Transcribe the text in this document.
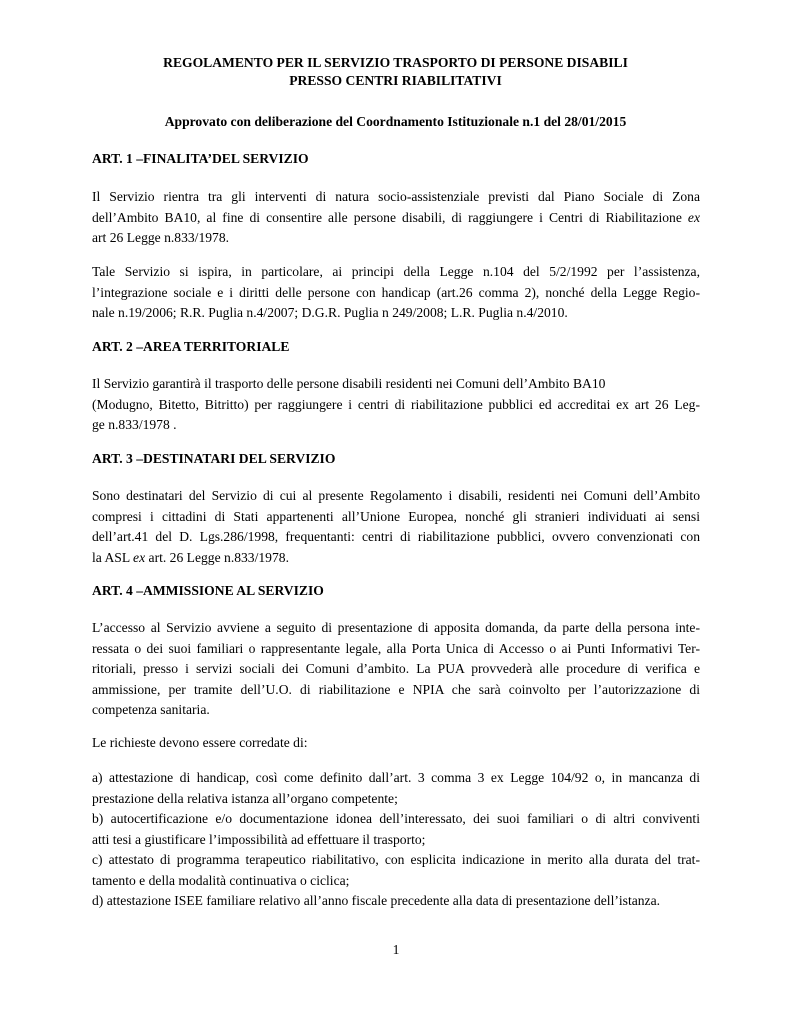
REGOLAMENTO PER IL SERVIZIO TRASPORTO DI PERSONE DISABILI
PRESSO CENTRI RIABILITATIVI
Approvato con deliberazione del Coordnamento Istituzionale n.1 del 28/01/2015
ART. 1 –FINALITA’DEL SERVIZIO
Il Servizio rientra tra gli interventi di natura socio-assistenziale previsti dal Piano Sociale di Zona
dell’Ambito BA10, al fine di consentire alle persone disabili, di raggiungere i Centri di Riabilitazione ex
art 26 Legge n.833/1978.
Tale Servizio si ispira, in particolare, ai principi della Legge n.104 del 5/2/1992 per l’assistenza,
l’integrazione sociale e i diritti delle persone con handicap (art.26 comma 2), nonché della Legge Regio-
nale n.19/2006; R.R. Puglia n.4/2007; D.G.R. Puglia n 249/2008; L.R. Puglia n.4/2010.
ART. 2 –AREA TERRITORIALE
Il Servizio garantirà il trasporto delle persone disabili residenti nei Comuni dell’Ambito BA10
(Modugno, Bitetto, Bitritto) per raggiungere i centri di riabilitazione pubblici ed accreditai ex art 26 Leg-
ge n.833/1978 .
ART. 3 –DESTINATARI DEL SERVIZIO
Sono destinatari del Servizio di cui al presente Regolamento i disabili, residenti nei Comuni dell’Ambito
compresi i cittadini di Stati appartenenti all’Unione Europea, nonché gli stranieri individuati ai sensi
dell’art.41 del D. Lgs.286/1998, frequentanti: centri di riabilitazione pubblici, ovvero convenzionati con
la ASL ex art. 26 Legge n.833/1978.
ART. 4 –AMMISSIONE AL SERVIZIO
L’accesso al Servizio avviene a seguito di presentazione di apposita domanda, da parte della persona inte-
ressata o dei suoi familiari o rappresentante legale, alla Porta Unica di Accesso o ai Punti Informativi Ter-
ritoriali, presso i servizi sociali dei Comuni d’ambito. La PUA provvederà alle procedure di verifica e
ammissione, per tramite dell’U.O. di riabilitazione e NPIA che sarà coinvolto per l’autorizzazione di
competenza sanitaria.
Le richieste devono essere corredate di:
a) attestazione di handicap, così come definito dall’art. 3 comma 3 ex Legge 104/92 o, in mancanza di
prestazione della relativa istanza all’organo competente;
b) autocertificazione e/o documentazione idonea dell’interessato, dei suoi familiari o di altri conviventi
atti tesi a giustificare l’impossibilità ad effettuare il trasporto;
c) attestato di programma terapeutico riabilitativo, con esplicita indicazione in merito alla durata del trat-
tamento e della modalità continuativa o ciclica;
d) attestazione ISEE familiare relativo all’anno fiscale precedente alla data di presentazione dell’istanza.
1
